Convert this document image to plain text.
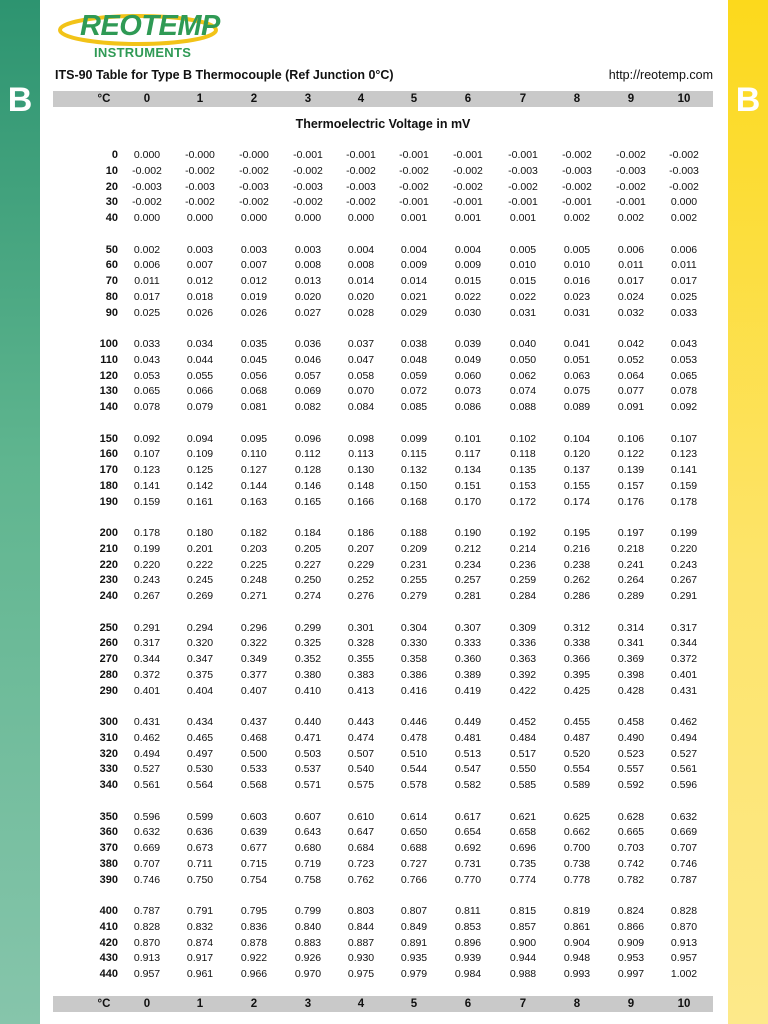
B	B
REOTEMP
INSTRUMENTS
ITS-90 Table for Type B Thermocouple (Ref Junction 0°C)	http://reotemp.com
°C	0	1	2	3	4	5	6	7	8	9	10
Thermoelectric Voltage in mV
0	0.000	-0.000	-0.000	-0.001	-0.001	-0.001	-0.001	-0.001	-0.002	-0.002	-0.002
10	-0.002	-0.002	-0.002	-0.002	-0.002	-0.002	-0.002	-0.003	-0.003	-0.003	-0.003
20	-0.003	-0.003	-0.003	-0.003	-0.003	-0.002	-0.002	-0.002	-0.002	-0.002	-0.002
30	-0.002	-0.002	-0.002	-0.002	-0.002	-0.001	-0.001	-0.001	-0.001	-0.001	0.000
40	0.000	0.000	0.000	0.000	0.000	0.001	0.001	0.001	0.002	0.002	0.002
50	0.002	0.003	0.003	0.003	0.004	0.004	0.004	0.005	0.005	0.006	0.006
60	0.006	0.007	0.007	0.008	0.008	0.009	0.009	0.010	0.010	0.011	0.011
70	0.011	0.012	0.012	0.013	0.014	0.014	0.015	0.015	0.016	0.017	0.017
80	0.017	0.018	0.019	0.020	0.020	0.021	0.022	0.022	0.023	0.024	0.025
90	0.025	0.026	0.026	0.027	0.028	0.029	0.030	0.031	0.031	0.032	0.033
100	0.033	0.034	0.035	0.036	0.037	0.038	0.039	0.040	0.041	0.042	0.043
110	0.043	0.044	0.045	0.046	0.047	0.048	0.049	0.050	0.051	0.052	0.053
120	0.053	0.055	0.056	0.057	0.058	0.059	0.060	0.062	0.063	0.064	0.065
130	0.065	0.066	0.068	0.069	0.070	0.072	0.073	0.074	0.075	0.077	0.078
140	0.078	0.079	0.081	0.082	0.084	0.085	0.086	0.088	0.089	0.091	0.092
150	0.092	0.094	0.095	0.096	0.098	0.099	0.101	0.102	0.104	0.106	0.107
160	0.107	0.109	0.110	0.112	0.113	0.115	0.117	0.118	0.120	0.122	0.123
170	0.123	0.125	0.127	0.128	0.130	0.132	0.134	0.135	0.137	0.139	0.141
180	0.141	0.142	0.144	0.146	0.148	0.150	0.151	0.153	0.155	0.157	0.159
190	0.159	0.161	0.163	0.165	0.166	0.168	0.170	0.172	0.174	0.176	0.178
200	0.178	0.180	0.182	0.184	0.186	0.188	0.190	0.192	0.195	0.197	0.199
210	0.199	0.201	0.203	0.205	0.207	0.209	0.212	0.214	0.216	0.218	0.220
220	0.220	0.222	0.225	0.227	0.229	0.231	0.234	0.236	0.238	0.241	0.243
230	0.243	0.245	0.248	0.250	0.252	0.255	0.257	0.259	0.262	0.264	0.267
240	0.267	0.269	0.271	0.274	0.276	0.279	0.281	0.284	0.286	0.289	0.291
250	0.291	0.294	0.296	0.299	0.301	0.304	0.307	0.309	0.312	0.314	0.317
260	0.317	0.320	0.322	0.325	0.328	0.330	0.333	0.336	0.338	0.341	0.344
270	0.344	0.347	0.349	0.352	0.355	0.358	0.360	0.363	0.366	0.369	0.372
280	0.372	0.375	0.377	0.380	0.383	0.386	0.389	0.392	0.395	0.398	0.401
290	0.401	0.404	0.407	0.410	0.413	0.416	0.419	0.422	0.425	0.428	0.431
300	0.431	0.434	0.437	0.440	0.443	0.446	0.449	0.452	0.455	0.458	0.462
310	0.462	0.465	0.468	0.471	0.474	0.478	0.481	0.484	0.487	0.490	0.494
320	0.494	0.497	0.500	0.503	0.507	0.510	0.513	0.517	0.520	0.523	0.527
330	0.527	0.530	0.533	0.537	0.540	0.544	0.547	0.550	0.554	0.557	0.561
340	0.561	0.564	0.568	0.571	0.575	0.578	0.582	0.585	0.589	0.592	0.596
350	0.596	0.599	0.603	0.607	0.610	0.614	0.617	0.621	0.625	0.628	0.632
360	0.632	0.636	0.639	0.643	0.647	0.650	0.654	0.658	0.662	0.665	0.669
370	0.669	0.673	0.677	0.680	0.684	0.688	0.692	0.696	0.700	0.703	0.707
380	0.707	0.711	0.715	0.719	0.723	0.727	0.731	0.735	0.738	0.742	0.746
390	0.746	0.750	0.754	0.758	0.762	0.766	0.770	0.774	0.778	0.782	0.787
400	0.787	0.791	0.795	0.799	0.803	0.807	0.811	0.815	0.819	0.824	0.828
410	0.828	0.832	0.836	0.840	0.844	0.849	0.853	0.857	0.861	0.866	0.870
420	0.870	0.874	0.878	0.883	0.887	0.891	0.896	0.900	0.904	0.909	0.913
430	0.913	0.917	0.922	0.926	0.930	0.935	0.939	0.944	0.948	0.953	0.957
440	0.957	0.961	0.966	0.970	0.975	0.979	0.984	0.988	0.993	0.997	1.002
°C	0	1	2	3	4	5	6	7	8	9	10
